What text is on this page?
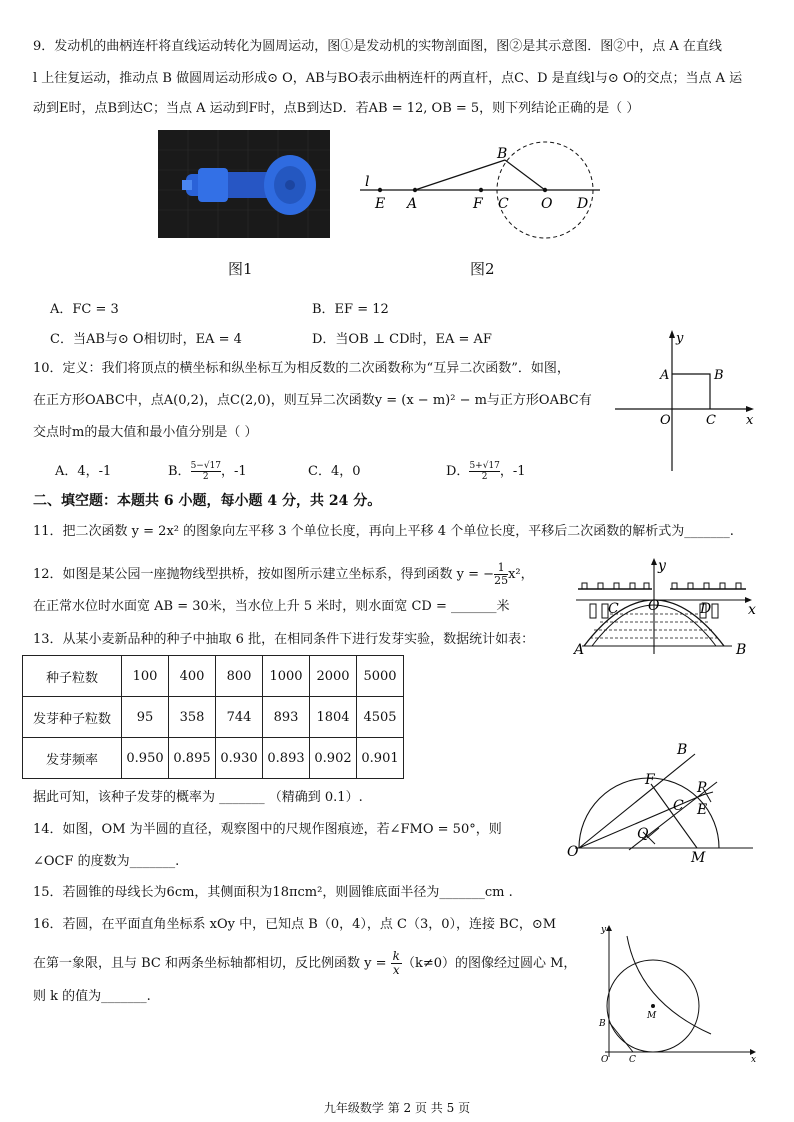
9．发动机的曲柄连杆将直线运动转化为圆周运动，图①是发动机的实物剖面图，图②是其示意图．图②中，点 A 在直线
l 上往复运动，推动点 B 做圆周运动形成⊙ O，AB与BO表示曲柄连杆的两直杆，点C、D 是直线l与⊙ O的交点；当点 A 运
动到E时，点B到达C；当点 A 运动到F时，点B到达D．若AB = 12, OB = 5，则下列结论正确的是（ ）
图1
l
E A
B
F C O D
图2
A．FC = 3	B．EF = 12
C．当AB与⊙ O相切时，EA = 4	D．当OB ⊥ CD时，EA = AF
10．定义：我们将顶点的横坐标和纵坐标互为相反数的二次函数称为“互异二次函数”．如图，
在正方形OABC中，点A(0,2)，点C(2,0)，则互异二次函数y = (x − m)² − m与正方形OABC有
交点时m的最大值和最小值分别是（ ）
y
x
A	B
O	C
A．4，-1	B． $\frac{5-√17}{2}$ ，-1	C．4，0	D． $\frac{5+√17}{2}$ ，-1
二、填空题：本题共 6 小题，每小题 4 分，共 24 分。
11．把二次函数 y = 2x² 的图象向左平移 3 个单位长度，再向上平移 4 个单位长度，平移后二次函数的解析式为_______.
12．如图是某公园一座抛物线型拱桥，按如图所示建立坐标系，得到函数 y = − $\frac{1}{25} x^2$，
在正常水位时水面宽 AB = 30米，当水位上升 5 米时，则水面宽 CD = _______米
y
x
C O	D
A	B
13．从某小麦新品种的种子中抽取 6 批，在相同条件下进行发芽实验，数据统计如表：
种子粒数	100	400	800	1000	2000	5000
发芽种子粒数	95	358	744	893	1804	4505
发芽频率	0.950	0.895	0.930	0.893	0.902	0.901
据此可知，该种子发芽的概率为 _______ （精确到 0.1）.
14．如图，OM 为半圆的直径，观察图中的尺规作图痕迹，若∠FMO = 50°，则
∠OCF 的度数为_______.
B
F	P
C E
Q
O	M
15．若圆锥的母线长为6cm，其侧面积为18πcm²，则圆锥底面半径为_______cm .
16．若圆，在平面直角坐标系 xOy 中，已知点 B（0，4），点 C（3，0），连接 BC，⊙M
在第一象限，且与 BC 和两条坐标轴都相切，反比例函数 $y = \frac{k}{x} (k\ne 0)$的图像经过圆心 M，
则 k 的值为_______.
y
x
B
M
O C
九年级数学 第 2 页 共 5 页
